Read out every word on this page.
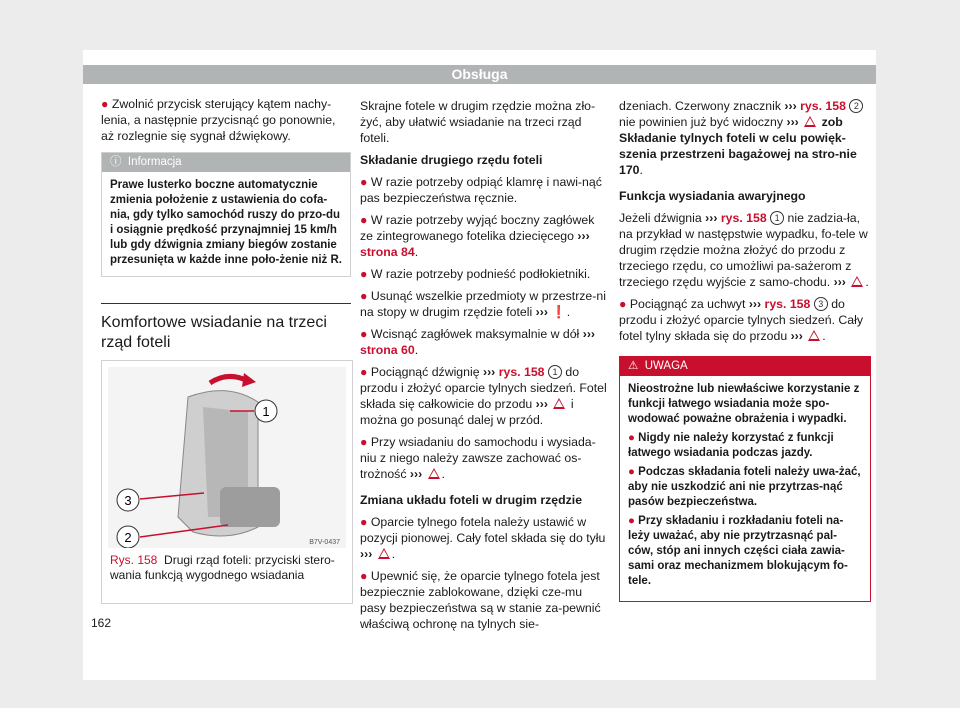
Obsługa

● Zwolnić przycisk sterujący kątem nachy-lenia, a następnie przycisnąć go ponownie, aż rozlegnie się sygnał dźwiękowy.

ⓘ Informacja
Prawe lusterko boczne automatycznie zmienia położenie z ustawienia do cofa-nia, gdy tylko samochód ruszy do przo-du i osiągnie prędkość przynajmniej 15 km/h lub gdy dźwignia zmiany biegów zostanie przesunięta w każde inne poło-żenie niż R.
Komfortowe wsiadanie na trzeci rząd foteli
1
3
2	B7V-0437
Rys. 158 Drugi rząd foteli: przyciski stero-wania funkcją wygodnego wsiadania

Skrajne fotele w drugim rzędzie można zło-żyć, aby ułatwić wsiadanie na trzeci rząd foteli.

Składanie drugiego rzędu foteli

● W razie potrzeby odpiąć klamrę i nawi-nąć pas bezpieczeństwa ręcznie.

● W razie potrzeby wyjąć boczny zagłówek ze zintegrowanego fotelika dziecięcego ››› strona 84.

● W razie potrzeby podnieść podłokietniki.

● Usunąć wszelkie przedmioty w przestrze-ni na stopy w drugim rzędzie foteli ››› ❗.

● Wcisnąć zagłówek maksymalnie w dół ››› strona 60.

● Pociągnąć dźwignię ››› rys. 158 1 do przodu i złożyć oparcie tylnych siedzeń. Fotel składa się całkowicie do przodu ››› i można go posunąć dalej w przód.

● Przy wsiadaniu do samochodu i wysiada-niu z niego należy zawsze zachować os-trożność ››› .

Zmiana układu foteli w drugim rzędzie

● Oparcie tylnego fotela należy ustawić w pozycji pionowej. Cały fotel składa się do tyłu ››› .

● Upewnić się, że oparcie tylnego fotela jest bezpiecznie zablokowane, dzięki cze-mu pasy bezpieczeństwa są w stanie za-pewnić właściwą ochronę na tylnych sie-

dzeniach. Czerwony znacznik ››› rys. 158 2 nie powinien już być widoczny ››› zob Składanie tylnych foteli w celu powięk-szenia przestrzeni bagażowej na stro-nie 170.

Funkcja wysiadania awaryjnego

Jeżeli dźwignia ››› rys. 158 1 nie zadzia-ła, na przykład w następstwie wypadku, fo-tele w drugim rzędzie można złożyć do przodu z trzeciego rzędu, co umożliwi pa-sażerom z trzeciego rzędu wyjście z samo-chodu. ››› .

● Pociągnąć za uchwyt ››› rys. 158 3 do przodu i złożyć oparcie tylnych siedzeń. Cały fotel tylny składa się do przodu ››› .

⚠ UWAGA

Nieostrożne lub niewłaściwe korzystanie z funkcji łatwego wsiadania może spo-wodować poważne obrażenia i wypadki.

● Nigdy nie należy korzystać z funkcji łatwego wsiadania podczas jazdy.

● Podczas składania foteli należy uwa-żać, aby nie uszkodzić ani nie przytrzas-nąć pasów bezpieczeństwa.

● Przy składaniu i rozkładaniu foteli na-leży uważać, aby nie przytrzasnąć pal-ców, stóp ani innych części ciała zawia-sami oraz mechanizmem blokującym fo-tele.

162
